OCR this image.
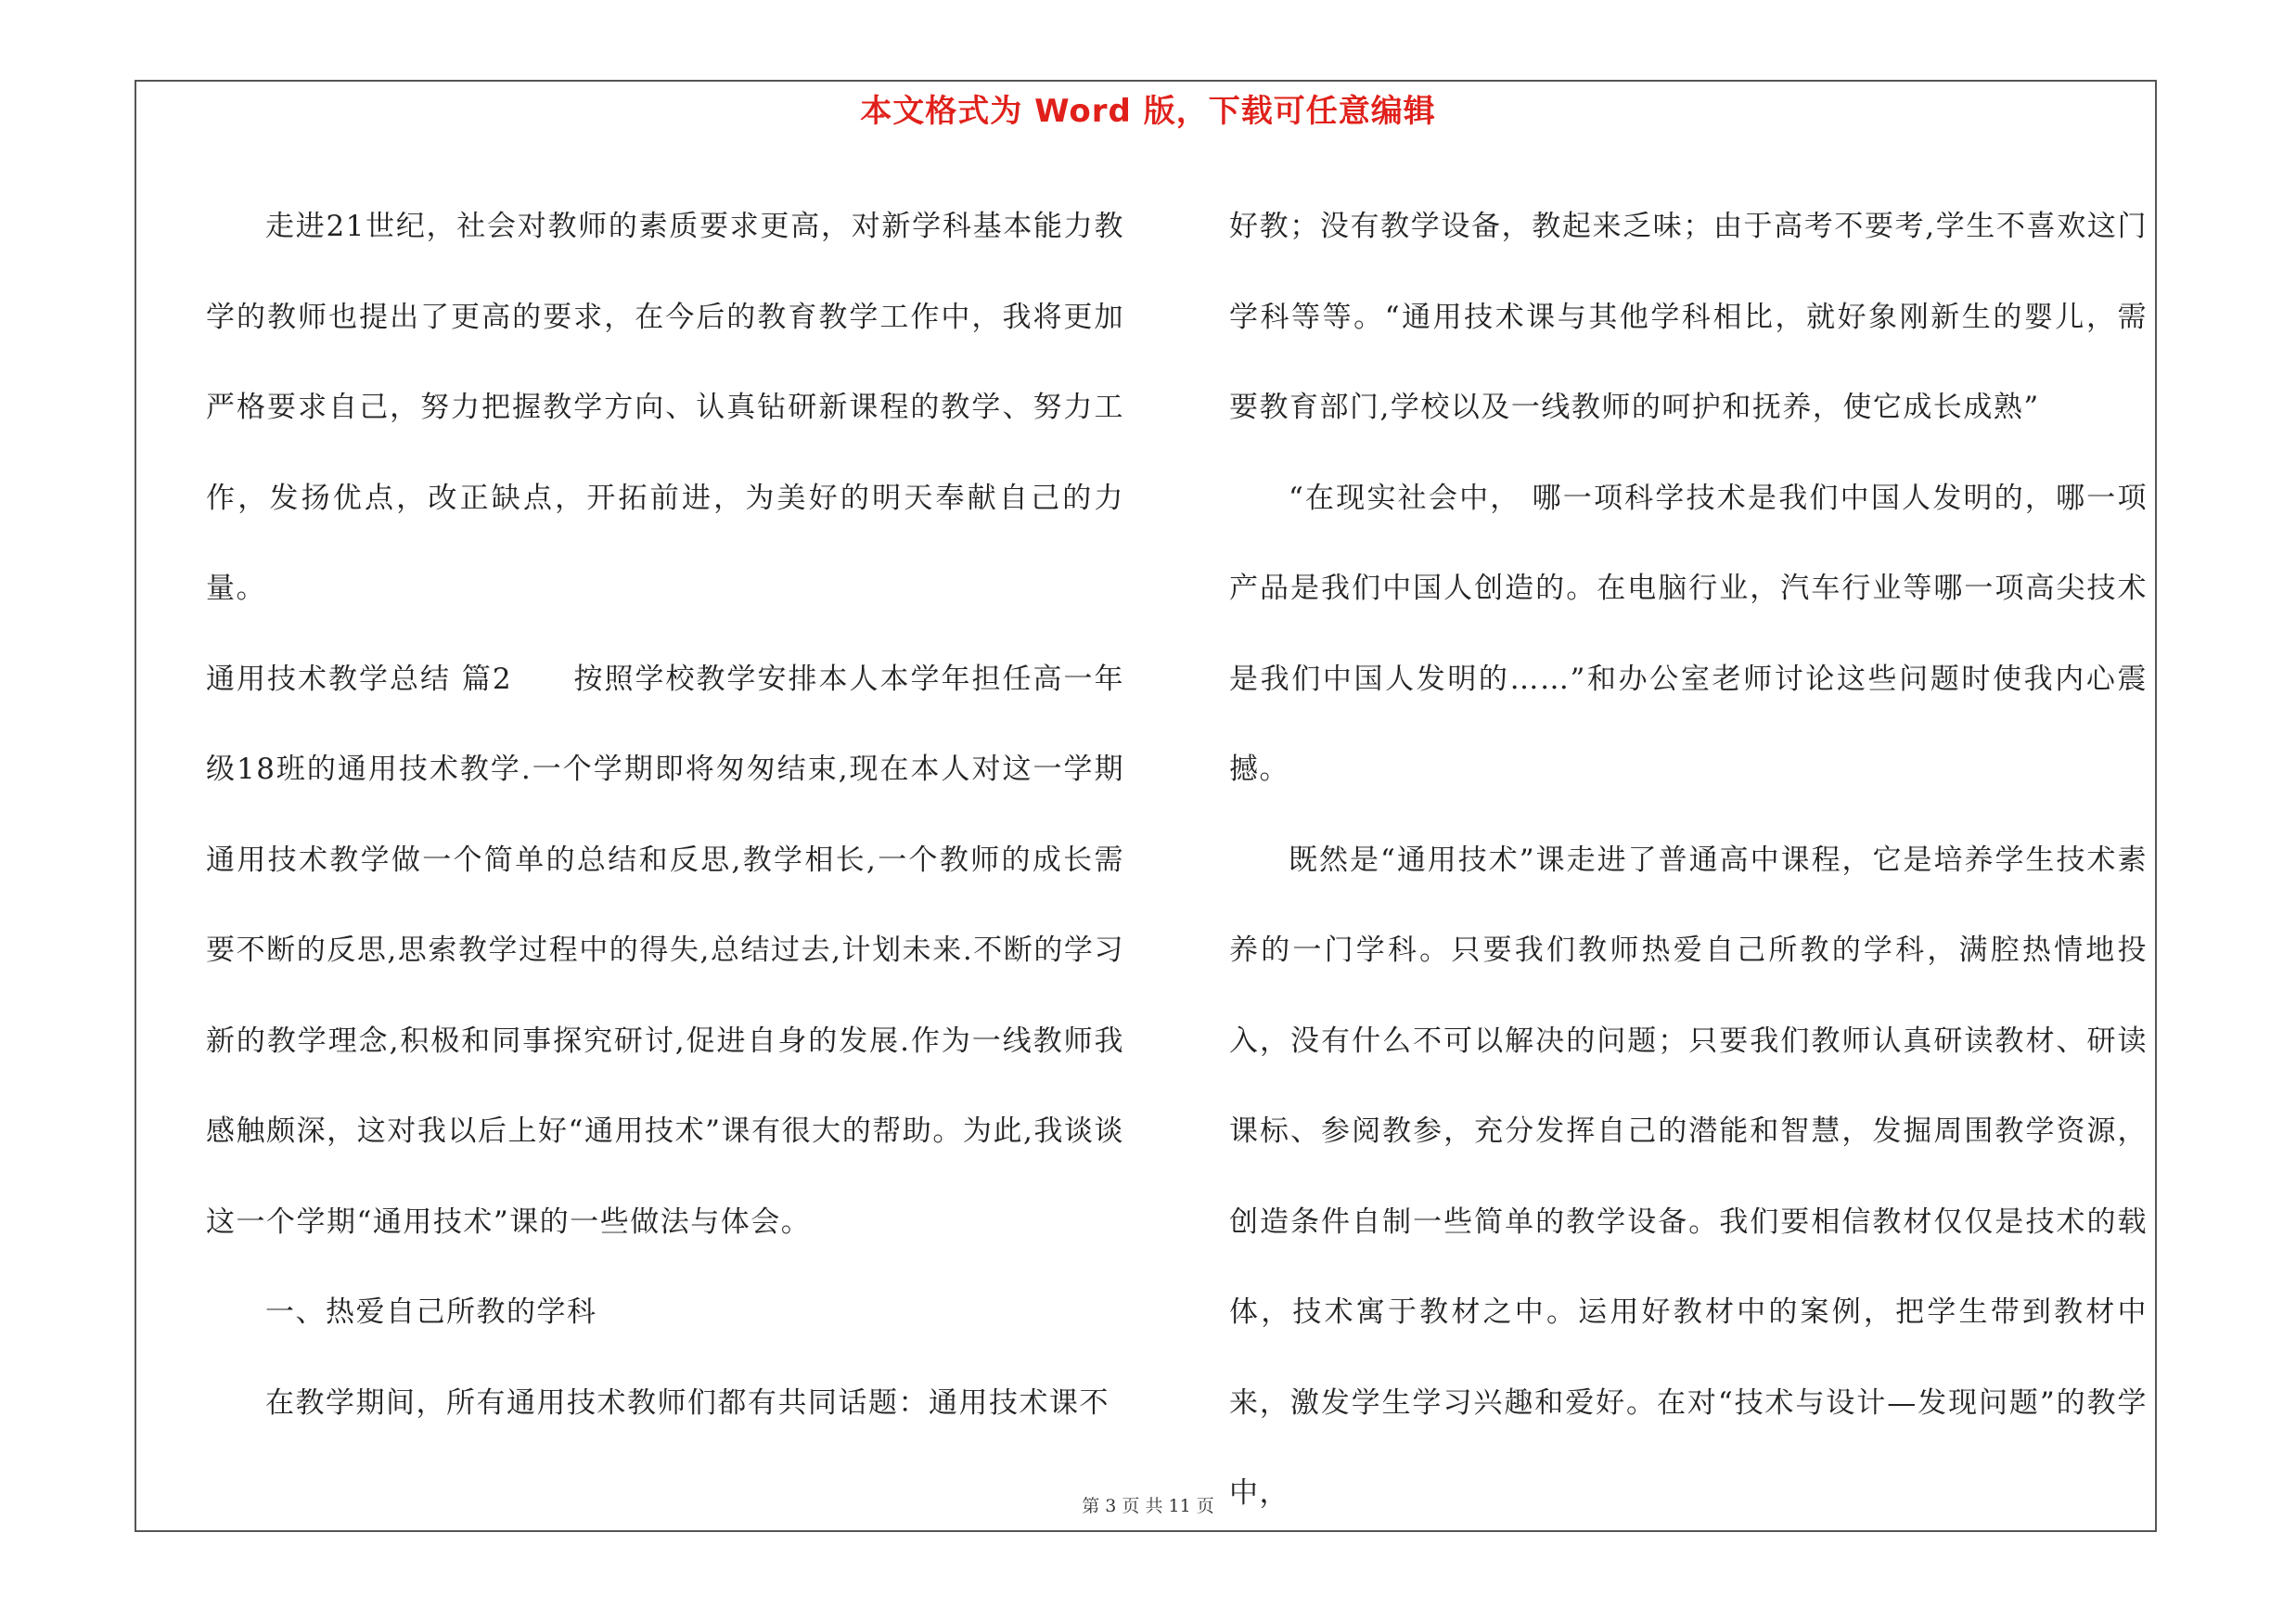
本文格式为 Word 版，下载可任意编辑

走进21世纪，社会对教师的素质要求更高，对新学科基本能力教学的教师也提出了更高的要求，在今后的教育教学工作中，我将更加严格要求自己，努力把握教学方向、认真钻研新课程的教学、努力工作，发扬优点，改正缺点，开拓前进，为美好的明天奉献自己的力量。

通用技术教学总结 篇2　　按照学校教学安排本人本学年担任高一年级18班的通用技术教学.一个学期即将匆匆结束,现在本人对这一学期通用技术教学做一个简单的总结和反思,教学相长,一个教师的成长需要不断的反思,思索教学过程中的得失,总结过去,计划未来.不断的学习新的教学理念,积极和同事探究研讨,促进自身的发展.作为一线教师我感触颇深，这对我以后上好“通用技术”课有很大的帮助。为此,我谈谈这一个学期“通用技术”课的一些做法与体会。

一、热爱自己所教的学科

在教学期间，所有通用技术教师们都有共同话题：通用技术课不

好教；没有教学设备，教起来乏味；由于高考不要考,学生不喜欢这门学科等等。“通用技术课与其他学科相比，就好象刚新生的婴儿，需要教育部门,学校以及一线教师的呵护和抚养，使它成长成熟”

“在现实社会中， 哪一项科学技术是我们中国人发明的，哪一项产品是我们中国人创造的。在电脑行业，汽车行业等哪一项高尖技术是我们中国人发明的……”和办公室老师讨论这些问题时使我内心震撼。

既然是“通用技术”课走进了普通高中课程，它是培养学生技术素养的一门学科。只要我们教师热爱自己所教的学科，满腔热情地投入，没有什么不可以解决的问题；只要我们教师认真研读教材、研读课标、参阅教参，充分发挥自己的潜能和智慧，发掘周围教学资源，创造条件自制一些简单的教学设备。我们要相信教材仅仅是技术的载体，技术寓于教材之中。运用好教材中的案例，把学生带到教材中来，激发学生学习兴趣和爱好。在对“技术与设计—发现问题”的教学中，

第 3 页 共 11 页
